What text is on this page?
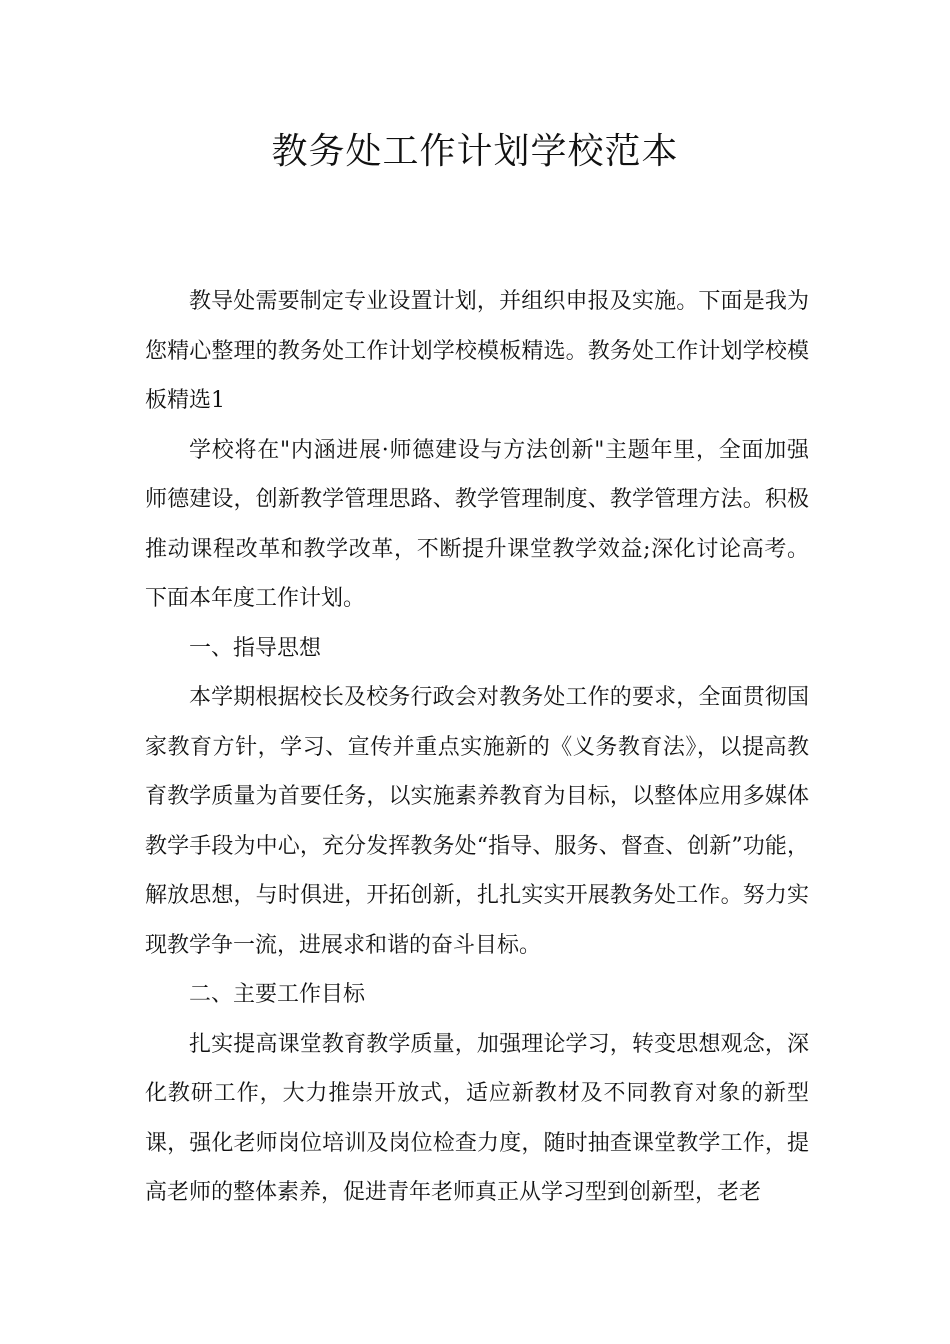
教务处工作计划学校范本

教导处需要制定专业设置计划，并组织申报及实施。下面是我为您精心整理的教务处工作计划学校模板精选。教务处工作计划学校模板精选1

学校将在"内涵进展·师德建设与方法创新"主题年里，全面加强师德建设，创新教学管理思路、教学管理制度、教学管理方法。积极推动课程改革和教学改革，不断提升课堂教学效益;深化讨论高考。下面本年度工作计划。

一、指导思想

本学期根据校长及校务行政会对教务处工作的要求，全面贯彻国家教育方针，学习、宣传并重点实施新的《义务教育法》，以提高教育教学质量为首要任务，以实施素养教育为目标，以整体应用多媒体教学手段为中心，充分发挥教务处“指导、服务、督查、创新”功能，解放思想，与时俱进，开拓创新，扎扎实实开展教务处工作。努力实现教学争一流，进展求和谐的奋斗目标。

二、主要工作目标

扎实提高课堂教育教学质量，加强理论学习，转变思想观念，深化教研工作，大力推崇开放式，适应新教材及不同教育对象的新型课，强化老师岗位培训及岗位检查力度，随时抽查课堂教学工作，提高老师的整体素养，促进青年老师真正从学习型到创新型，老老
